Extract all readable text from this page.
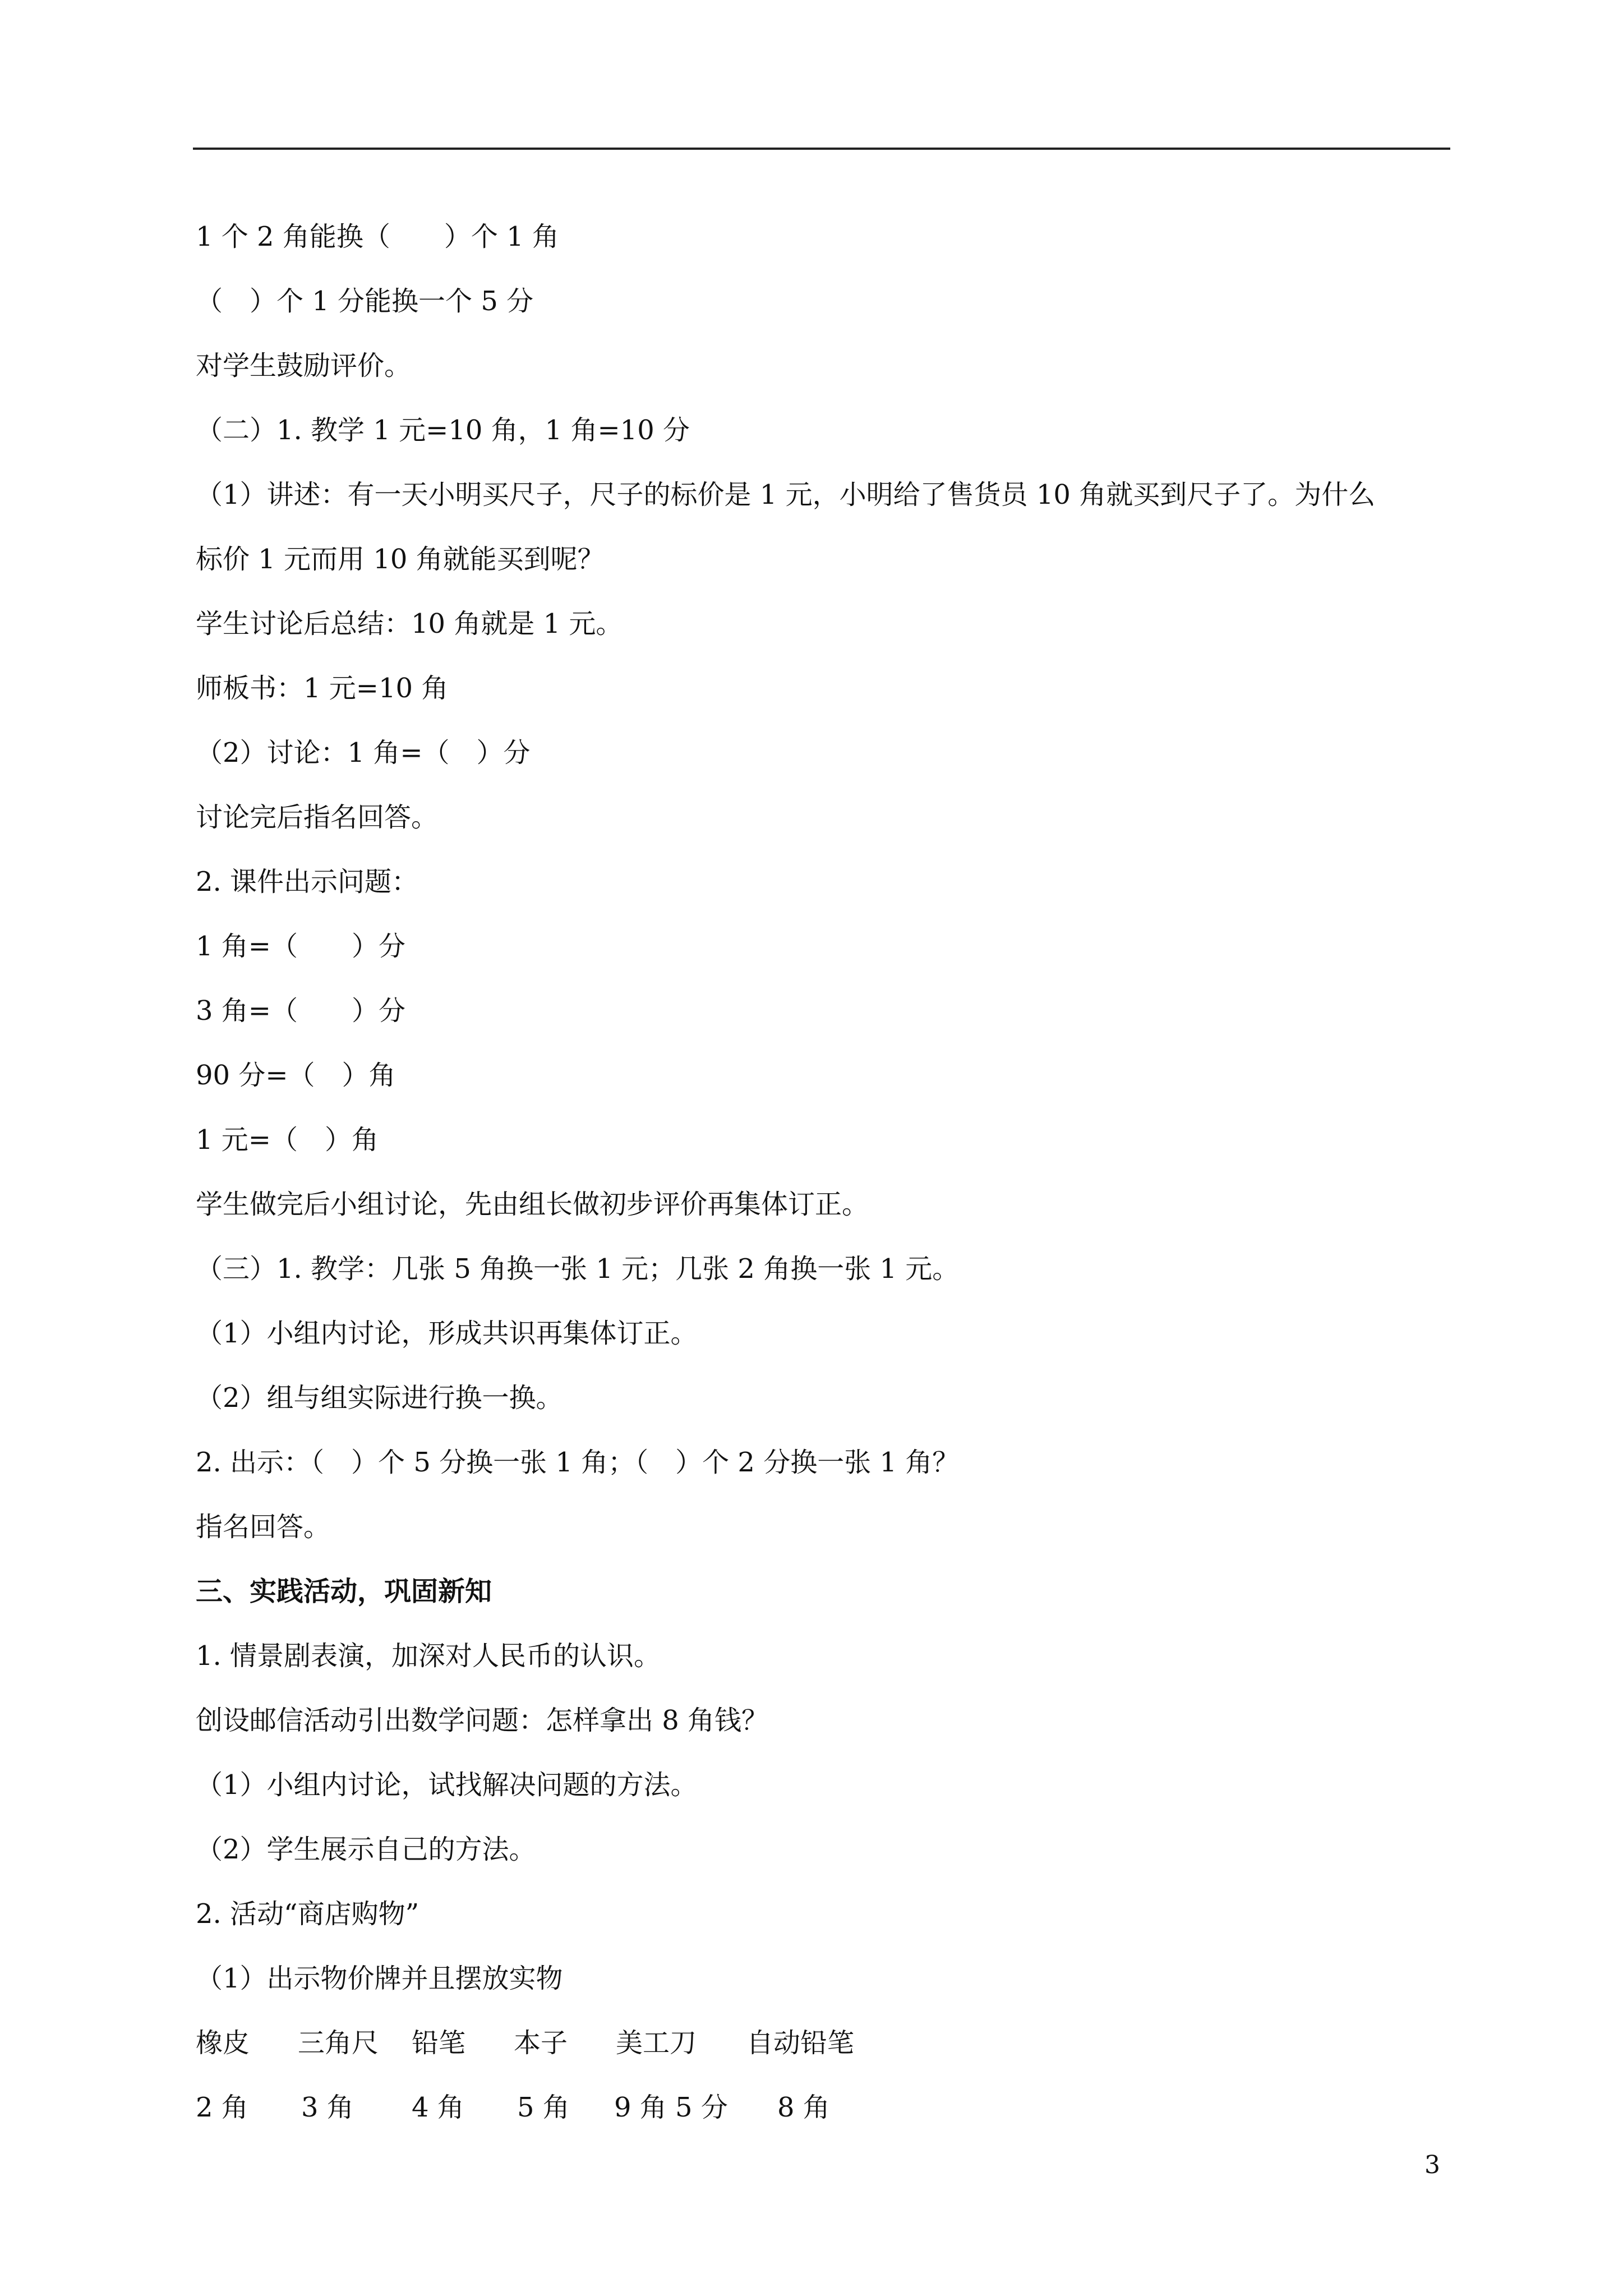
1 个 2 角能换（　　）个 1 角
（　）个 1 分能换一个 5 分
对学生鼓励评价。
（二）1. 教学 1 元=10 角，1 角=10 分
（1）讲述：有一天小明买尺子，尺子的标价是 1 元，小明给了售货员 10 角就买到尺子了。为什么
标价 1 元而用 10 角就能买到呢？
学生讨论后总结：10 角就是 1 元。
师板书：1 元=10 角
（2）讨论：1 角=（　）分
讨论完后指名回答。
2. 课件出示问题：
1 角=（　　）分
3 角=（　　）分
90 分=（　）角
1 元=（　）角
学生做完后小组讨论，先由组长做初步评价再集体订正。
（三）1. 教学：几张 5 角换一张 1 元；几张 2 角换一张 1 元。
（1）小组内讨论，形成共识再集体订正。
（2）组与组实际进行换一换。
2. 出示：（　）个 5 分换一张 1 角；（　）个 2 分换一张 1 角？
指名回答。
三、实践活动，巩固新知
1. 情景剧表演，加深对人民币的认识。
创设邮信活动引出数学问题：怎样拿出 8 角钱？
（1）小组内讨论，试找解决问题的方法。
（2）学生展示自己的方法。
2. 活动“商店购物”
（1）出示物价牌并且摆放实物
橡皮 三角尺 铅笔 本子 美工刀 自动铅笔
2 角 3 角 4 角 5 角 9 角 5 分 8 角
3
